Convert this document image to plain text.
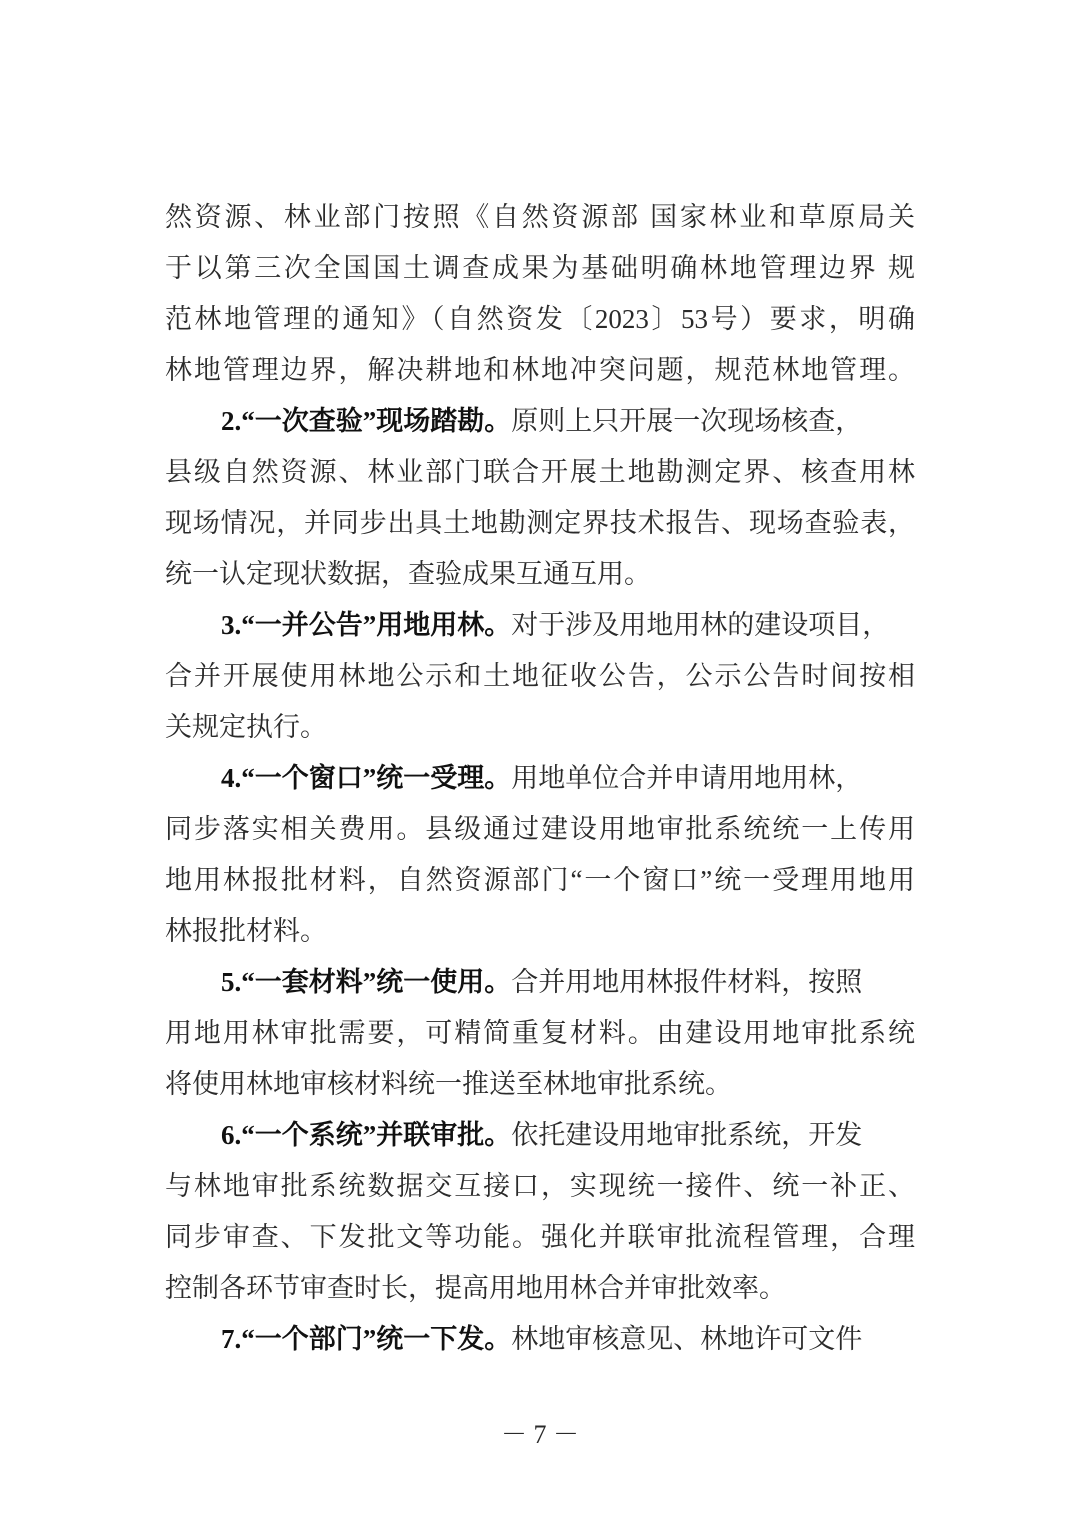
然资源、林业部门按照《自然资源部 国家林业和草原局关
于以第三次全国国土调查成果为基础明确林地管理边界 规
范林地管理的通知》（自然资发〔2023〕53号）要求，明确
林地管理边界，解决耕地和林地冲突问题，规范林地管理。
2.“一次查验”现场踏勘。原则上只开展一次现场核查，
县级自然资源、林业部门联合开展土地勘测定界、核查用林
现场情况，并同步出具土地勘测定界技术报告、现场查验表，
统一认定现状数据，查验成果互通互用。
3.“一并公告”用地用林。对于涉及用地用林的建设项目，
合并开展使用林地公示和土地征收公告，公示公告时间按相
关规定执行。
4.“一个窗口”统一受理。用地单位合并申请用地用林，
同步落实相关费用。县级通过建设用地审批系统统一上传用
地用林报批材料，自然资源部门“一个窗口”统一受理用地用
林报批材料。
5.“一套材料”统一使用。合并用地用林报件材料，按照
用地用林审批需要，可精简重复材料。由建设用地审批系统
将使用林地审核材料统一推送至林地审批系统。
6.“一个系统”并联审批。依托建设用地审批系统，开发
与林地审批系统数据交互接口，实现统一接件、统一补正、
同步审查、下发批文等功能。强化并联审批流程管理，合理
控制各环节审查时长，提高用地用林合并审批效率。
7.“一个部门”统一下发。林地审核意见、林地许可文件
－ 7 －
